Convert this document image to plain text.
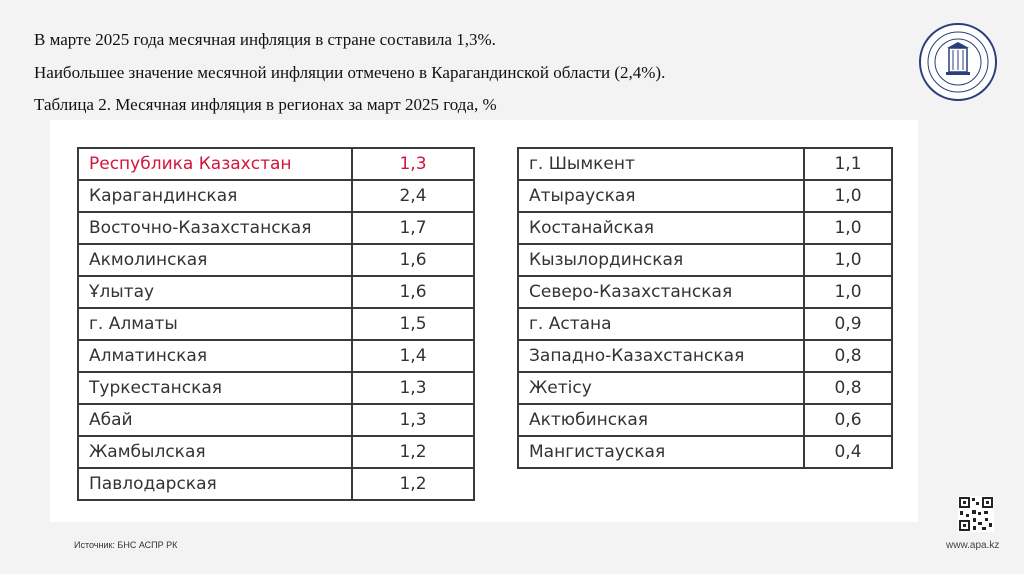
В марте 2025 года месячная инфляция в стране составила 1,3%.
Наибольшее значение месячной инфляции отмечено в Карагандинской области (2,4%).
Таблица 2. Месячная инфляция в регионах за март 2025 года, %
Республика Казахстан	1,3
Карагандинская	2,4
Восточно-Казахстанская	1,7
Акмолинская	1,6
Ұлытау	1,6
г. Алматы	1,5
Алматинская	1,4
Туркестанская	1,3
Абай	1,3
Жамбылская	1,2
Павлодарская	1,2
г. Шымкент	1,1
Атырауская	1,0
Костанайская	1,0
Кызылординская	1,0
Северо-Казахстанская	1,0
г. Астана	0,9
Западно-Казахстанская	0,8
Жетісу	0,8
Актюбинская	0,6
Мангистауская	0,4
Источник: БНС АСПР РК	www.apa.kz
